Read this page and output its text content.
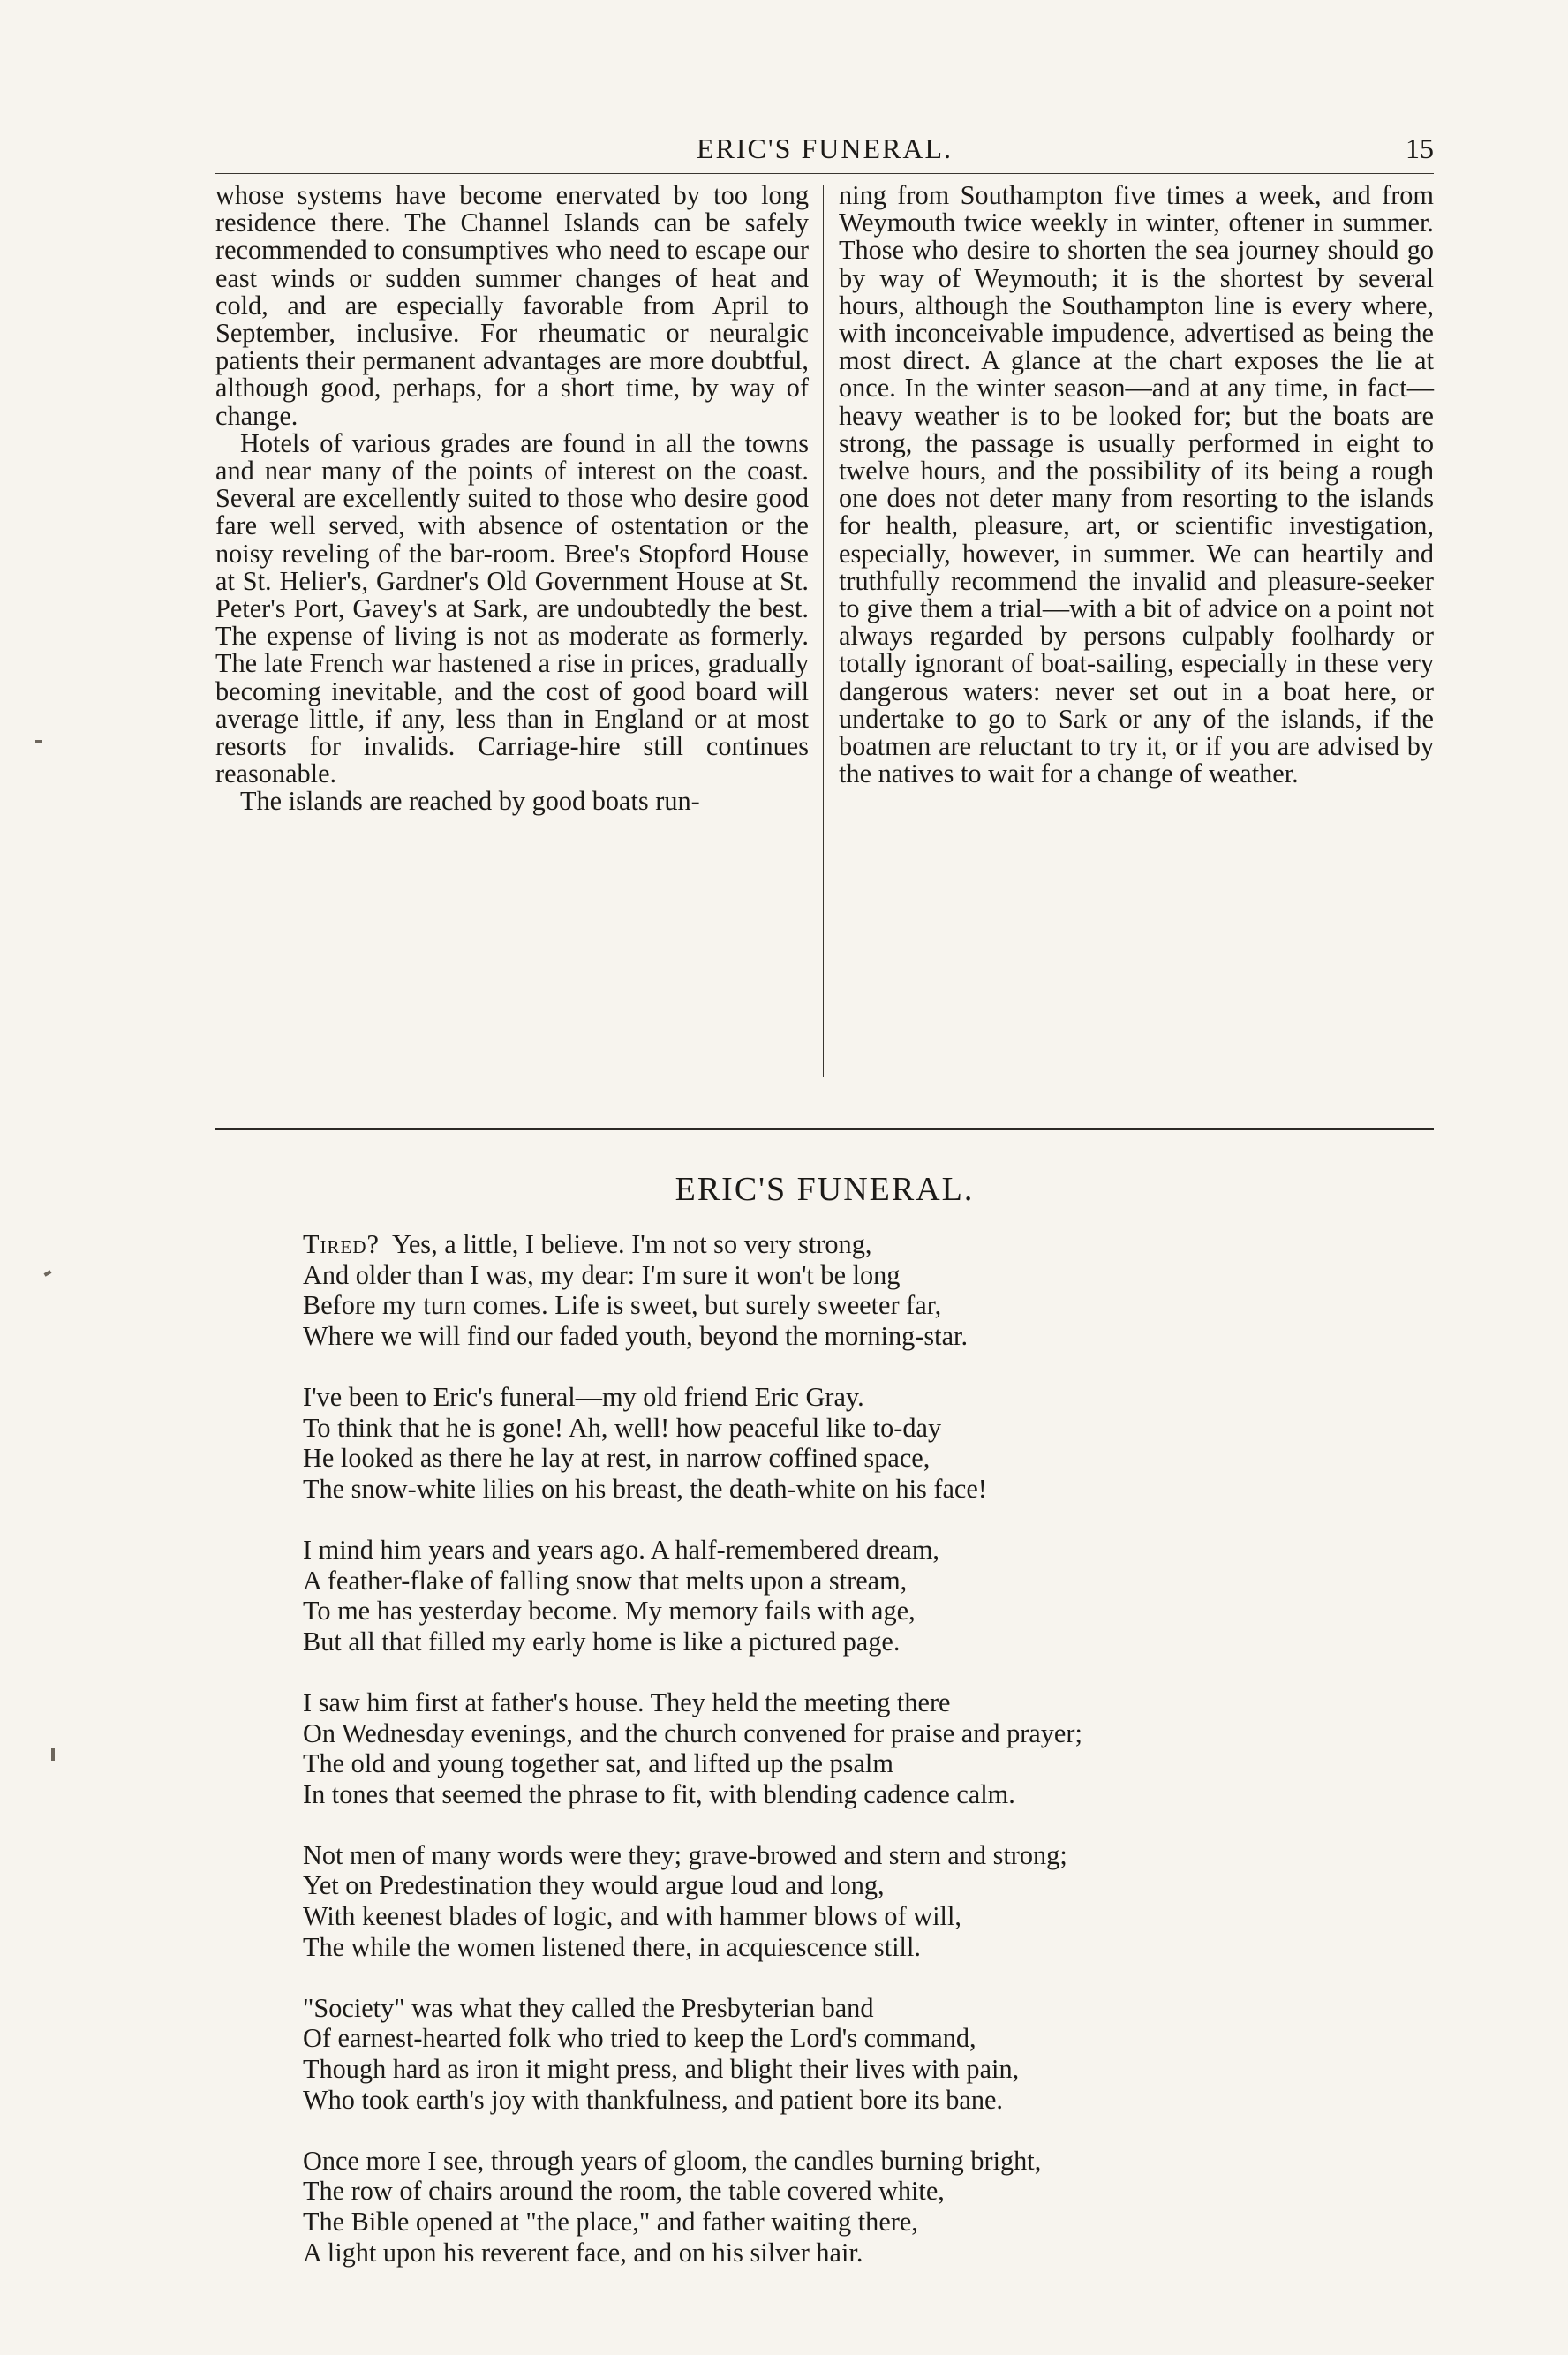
ERIC'S FUNERAL.	15

whose systems have become enervated by too long residence there. The Channel Islands can be safely recommended to consumptives who need to escape our east winds or sudden summer changes of heat and cold, and are especially favorable from April to September, inclusive. For rheumatic or neuralgic patients their permanent advantages are more doubtful, although good, perhaps, for a short time, by way of change.

Hotels of various grades are found in all the towns and near many of the points of interest on the coast. Several are excellently suited to those who desire good fare well served, with absence of ostentation or the noisy reveling of the bar-room. Bree's Stopford House at St. Helier's, Gardner's Old Government House at St. Peter's Port, Gavey's at Sark, are undoubtedly the best. The expense of living is not as moderate as formerly. The late French war hastened a rise in prices, gradually becoming inevitable, and the cost of good board will average little, if any, less than in England or at most resorts for invalids. Carriage-hire still continues reasonable.

The islands are reached by good boats run-

ning from Southampton five times a week, and from Weymouth twice weekly in winter, oftener in summer. Those who desire to shorten the sea journey should go by way of Weymouth; it is the shortest by several hours, although the Southampton line is every where, with inconceivable impudence, advertised as being the most direct. A glance at the chart exposes the lie at once. In the winter season—and at any time, in fact—heavy weather is to be looked for; but the boats are strong, the passage is usually performed in eight to twelve hours, and the possibility of its being a rough one does not deter many from resorting to the islands for health, pleasure, art, or scientific investigation, especially, however, in summer. We can heartily and truthfully recommend the invalid and pleasure-seeker to give them a trial—with a bit of advice on a point not always regarded by persons culpably foolhardy or totally ignorant of boat-sailing, especially in these very dangerous waters: never set out in a boat here, or undertake to go to Sark or any of the islands, if the boatmen are reluctant to try it, or if you are advised by the natives to wait for a change of weather.

ERIC'S FUNERAL.
Tired? Yes, a little, I believe. I'm not so very strong,
And older than I was, my dear: I'm sure it won't be long
Before my turn comes. Life is sweet, but surely sweeter far,
Where we will find our faded youth, beyond the morning-star.
I've been to Eric's funeral—my old friend Eric Gray.
To think that he is gone! Ah, well! how peaceful like to-day
He looked as there he lay at rest, in narrow coffined space,
The snow-white lilies on his breast, the death-white on his face!
I mind him years and years ago. A half-remembered dream,
A feather-flake of falling snow that melts upon a stream,
To me has yesterday become. My memory fails with age,
But all that filled my early home is like a pictured page.
I saw him first at father's house. They held the meeting there
On Wednesday evenings, and the church convened for praise and prayer;
The old and young together sat, and lifted up the psalm
In tones that seemed the phrase to fit, with blending cadence calm.
Not men of many words were they; grave-browed and stern and strong;
Yet on Predestination they would argue loud and long,
With keenest blades of logic, and with hammer blows of will,
The while the women listened there, in acquiescence still.
"Society" was what they called the Presbyterian band
Of earnest-hearted folk who tried to keep the Lord's command,
Though hard as iron it might press, and blight their lives with pain,
Who took earth's joy with thankfulness, and patient bore its bane.
Once more I see, through years of gloom, the candles burning bright,
The row of chairs around the room, the table covered white,
The Bible opened at "the place," and father waiting there,
A light upon his reverent face, and on his silver hair.
